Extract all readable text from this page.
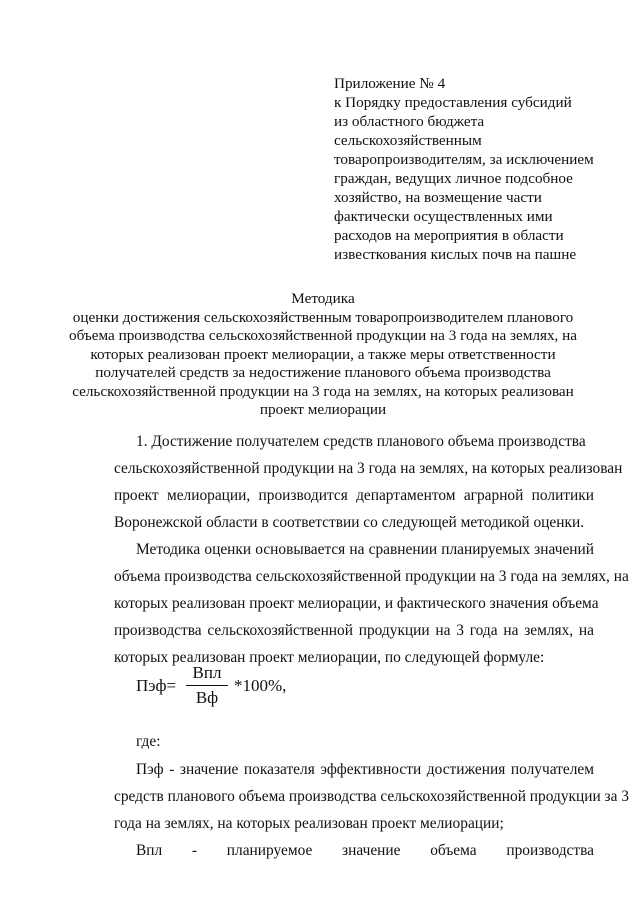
Приложение № 4
к Порядку предоставления субсидий
из областного бюджета
сельскохозяйственным
товаропроизводителям, за исключением
граждан, ведущих личное подсобное
хозяйство, на возмещение части
фактически осуществленных ими
расходов на мероприятия в области
известкования кислых почв на пашне
Методика
оценки достижения сельскохозяйственным товаропроизводителем планового
объема производства сельскохозяйственной продукции на 3 года на землях, на
которых реализован проект мелиорации, а также меры ответственности
получателей средств за недостижение планового объема производства
сельскохозяйственной продукции на 3 года на землях, на которых реализован
проект мелиорации
1. Достижение получателем средств планового объема производства
сельскохозяйственной продукции на 3 года на землях, на которых реализован
проект мелиорации, производится департаментом аграрной политики
Воронежской области в соответствии со следующей методикой оценки.
Методика оценки основывается на сравнении планируемых значений
объема производства сельскохозяйственной продукции на 3 года на землях, на
которых реализован проект мелиорации, и фактического значения объема
производства сельскохозяйственной продукции на 3 года на землях, на
которых реализован проект мелиорации, по следующей формуле:
Пэф=
Впл
Вф
*100%,
где:
Пэф - значение показателя эффективности достижения получателем
средств планового объема производства сельскохозяйственной продукции за 3
года на землях, на которых реализован проект мелиорации;
Впл - планируемое значение объема производства
